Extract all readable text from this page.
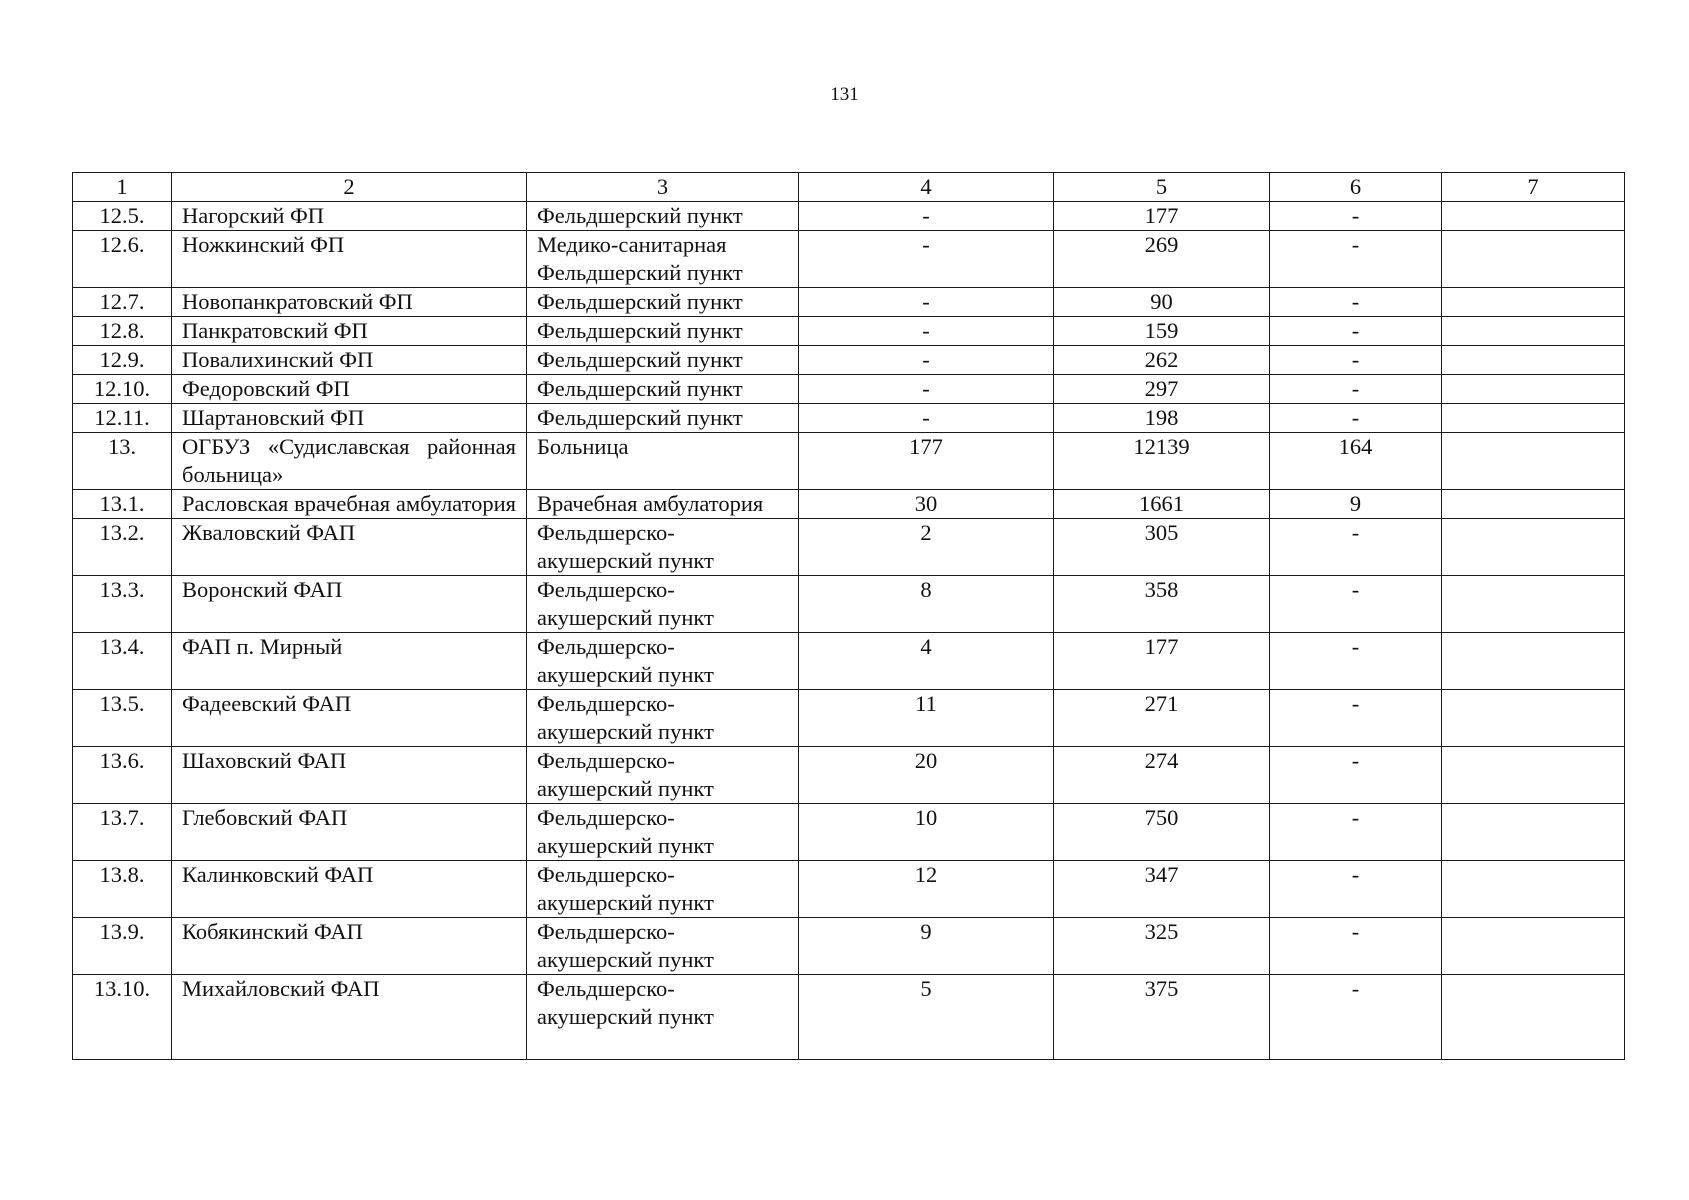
131
1	2	3	4	5	6	7
12.5.	Нагорский ФП	Фельдшерский пункт	-	177	-	
12.6.	Ножкинский ФП	Медико-санитарная Фельдшерский пункт	-	269	-	
12.7.	Новопанкратовский ФП	Фельдшерский пункт	-	90	-	
12.8.	Панкратовский ФП	Фельдшерский пункт	-	159	-	
12.9.	Повалихинский ФП	Фельдшерский пункт	-	262	-	
12.10.	Федоровский ФП	Фельдшерский пункт	-	297	-	
12.11.	Шартановский ФП	Фельдшерский пункт	-	198	-	
13.	ОГБУЗ «Судиславская районная больница»	Больница	177	12139	164	
13.1.	Расловская врачебная амбулатория	Врачебная амбулатория	30	1661	9	
13.2.	Жваловский ФАП	Фельдшерско-акушерский пункт	2	305	-	
13.3.	Воронский ФАП	Фельдшерско-акушерский пункт	8	358	-	
13.4.	ФАП п. Мирный	Фельдшерско-акушерский пункт	4	177	-	
13.5.	Фадеевский ФАП	Фельдшерско-акушерский пункт	11	271	-	
13.6.	Шаховский ФАП	Фельдшерско-акушерский пункт	20	274	-	
13.7.	Глебовский ФАП	Фельдшерско-акушерский пункт	10	750	-	
13.8.	Калинковский ФАП	Фельдшерско-акушерский пункт	12	347	-	
13.9.	Кобякинский ФАП	Фельдшерско-акушерский пункт	9	325	-	
13.10.	Михайловский ФАП	Фельдшерско-акушерский пункт	5	375	-	
